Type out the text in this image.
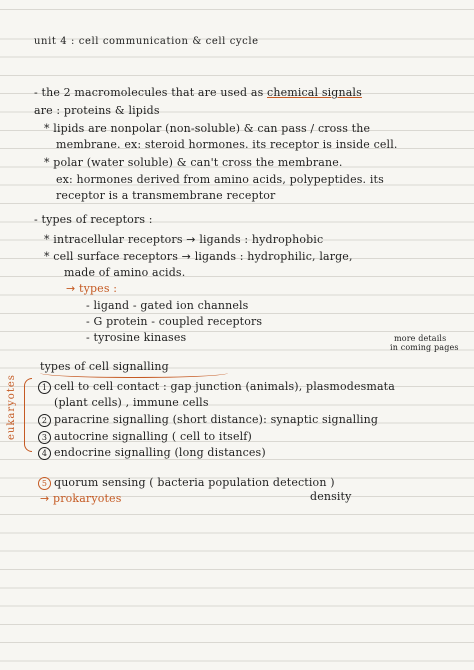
unit 4 : cell communication & cell cycle
- the 2 macromolecules that are used as chemical signals
are : proteins & lipids
* lipids are nonpolar (non-soluble) & can pass / cross the
membrane. ex: steroid hormones. its receptor is inside cell.
* polar (water soluble) & can't cross the membrane.
ex: hormones derived from amino acids, polypeptides. its
receptor is a transmembrane receptor
- types of receptors :
* intracellular receptors → ligands : hydrophobic
* cell surface receptors → ligands : hydrophilic, large,
made of amino acids.
→ types :
- ligand - gated ion channels
- G protein - coupled receptors
- tyrosine kinases	more details
in coming pages
types of cell signalling
eukaryotes	1 cell to cell contact : gap junction (animals), plasmodesmata
(plant cells) , immune cells
2 paracrine signalling (short distance): synaptic signalling
3 autocrine signalling ( cell to itself)
4 endocrine signalling (long distances)
5 quorum sensing ( bacteria population detection )
density
→ prokaryotes
